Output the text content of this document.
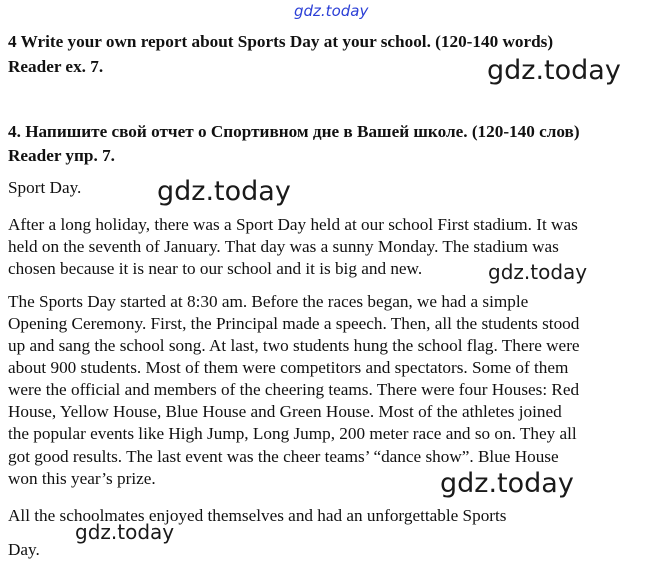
gdz.today
4 Write your own report about Sports Day at your school. (120-140 words)
Reader ex. 7.	gdz.today
4. Напишите свой отчет о Спортивном дне в Вашей школе. (120-140 слов)
Reader упр. 7.
Sport Day.	gdz.today
After a long holiday, there was a Sport Day held at our school First stadium. It was
held on the seventh of January. That day was a sunny Monday. The stadium was
chosen because it is near to our school and it is big and new.	gdz.today
The Sports Day started at 8:30 am. Before the races began, we had a simple
Opening Ceremony. First, the Principal made a speech. Then, all the students stood
up and sang the school song. At last, two students hung the school flag. There were
about 900 students. Most of them were competitors and spectators. Some of them
were the official and members of the cheering teams. There were four Houses: Red
House, Yellow House, Blue House and Green House. Most of the athletes joined
the popular events like High Jump, Long Jump, 200 meter race and so on. They all
got good results. The last event was the cheer teams’ “dance show”. Blue House
won this year’s prize.	gdz.today
All the schoolmates enjoyed themselves and had an unforgettable Sports
Day.
gdz.today
